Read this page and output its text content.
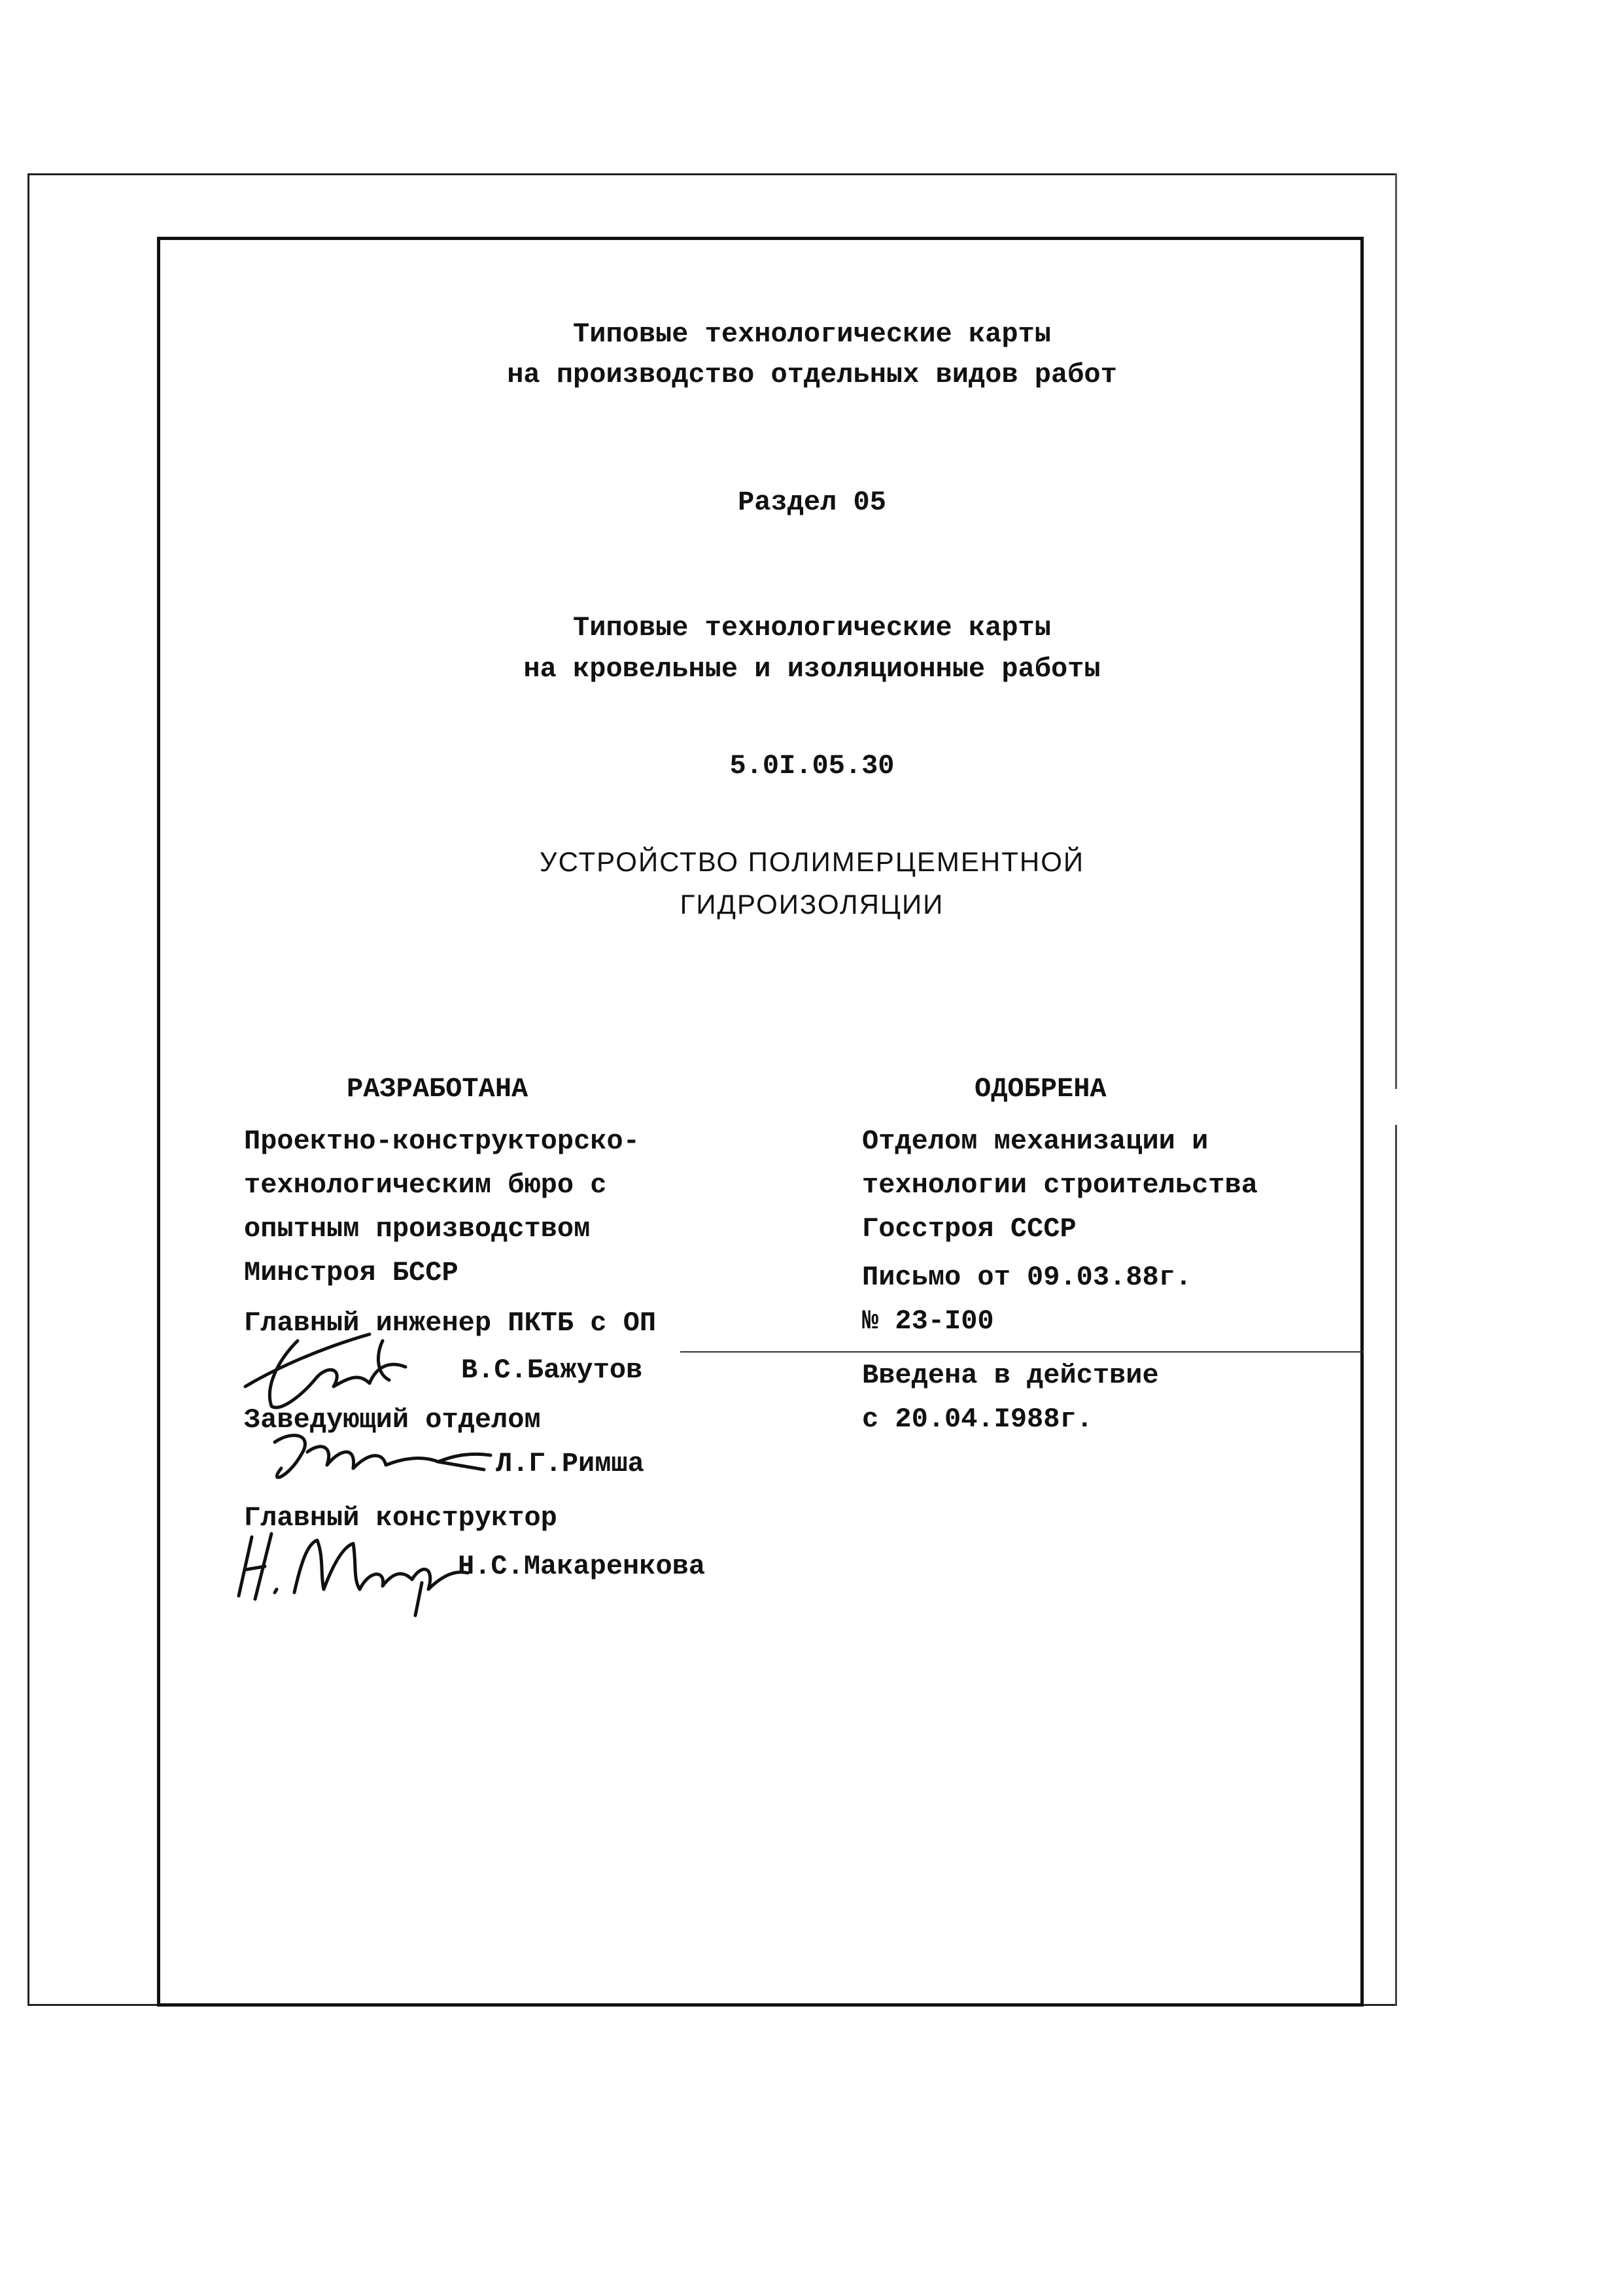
Типовые технологические карты
на производство отдельных видов работ
Раздел 05
Типовые технологические карты
на кровельные и изоляционные работы
5.0I.05.30
УСТРОЙСТВО ПОЛИМЕРЦЕМЕНТНОЙ
ГИДРОИЗОЛЯЦИИ
РАЗРАБОТАНА
Проектно-конструкторско-
технологическим бюро с
опытным производством
Минстроя БССР
Главный инженер ПКТБ с ОП
В.С.Бажутов
Заведующий отделом
Л.Г.Римша
Главный конструктор
Н.С.Макаренкова
ОДОБРЕНА
Отделом механизации и
технологии строительства
Госстроя СССР
Письмо от 09.03.88г.
№ 23-I00
Введена в действие
с 20.04.I988г.
